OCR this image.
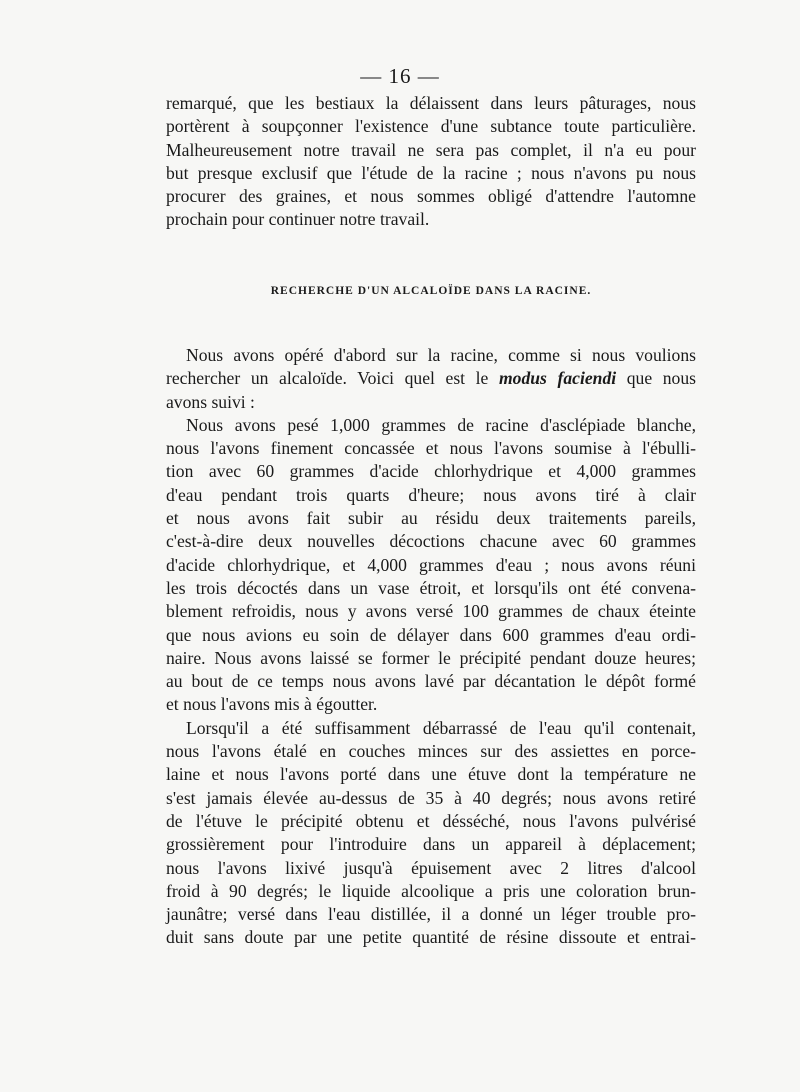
— 16 —
remarqué, que les bestiaux la délaissent dans leurs pâturages, nous
portèrent à soupçonner l'existence d'une subtance toute particulière.
Malheureusement notre travail ne sera pas complet, il n'a eu pour
but presque exclusif que l'étude de la racine ; nous n'avons pu nous
procurer des graines, et nous sommes obligé d'attendre l'automne
prochain pour continuer notre travail.
RECHERCHE D'UN ALCALOÏDE DANS LA RACINE.
Nous avons opéré d'abord sur la racine, comme si nous voulions
rechercher un alcaloïde. Voici quel est le modus faciendi que nous
avons suivi :
Nous avons pesé 1,000 grammes de racine d'asclépiade blanche,
nous l'avons finement concassée et nous l'avons soumise à l'ébulli-
tion avec 60 grammes d'acide chlorhydrique et 4,000 grammes
d'eau pendant trois quarts d'heure; nous avons tiré à clair
et nous avons fait subir au résidu deux traitements pareils,
c'est-à-dire deux nouvelles décoctions chacune avec 60 grammes
d'acide chlorhydrique, et 4,000 grammes d'eau ; nous avons réuni
les trois décoctés dans un vase étroit, et lorsqu'ils ont été convena-
blement refroidis, nous y avons versé 100 grammes de chaux éteinte
que nous avions eu soin de délayer dans 600 grammes d'eau ordi-
naire. Nous avons laissé se former le précipité pendant douze heures;
au bout de ce temps nous avons lavé par décantation le dépôt formé
et nous l'avons mis à égoutter.
Lorsqu'il a été suffisamment débarrassé de l'eau qu'il contenait,
nous l'avons étalé en couches minces sur des assiettes en porce-
laine et nous l'avons porté dans une étuve dont la température ne
s'est jamais élevée au-dessus de 35 à 40 degrés; nous avons retiré
de l'étuve le précipité obtenu et désséché, nous l'avons pulvérisé
grossièrement pour l'introduire dans un appareil à déplacement;
nous l'avons lixivé jusqu'à épuisement avec 2 litres d'alcool
froid à 90 degrés; le liquide alcoolique a pris une coloration brun-
jaunâtre; versé dans l'eau distillée, il a donné un léger trouble pro-
duit sans doute par une petite quantité de résine dissoute et entrai-
